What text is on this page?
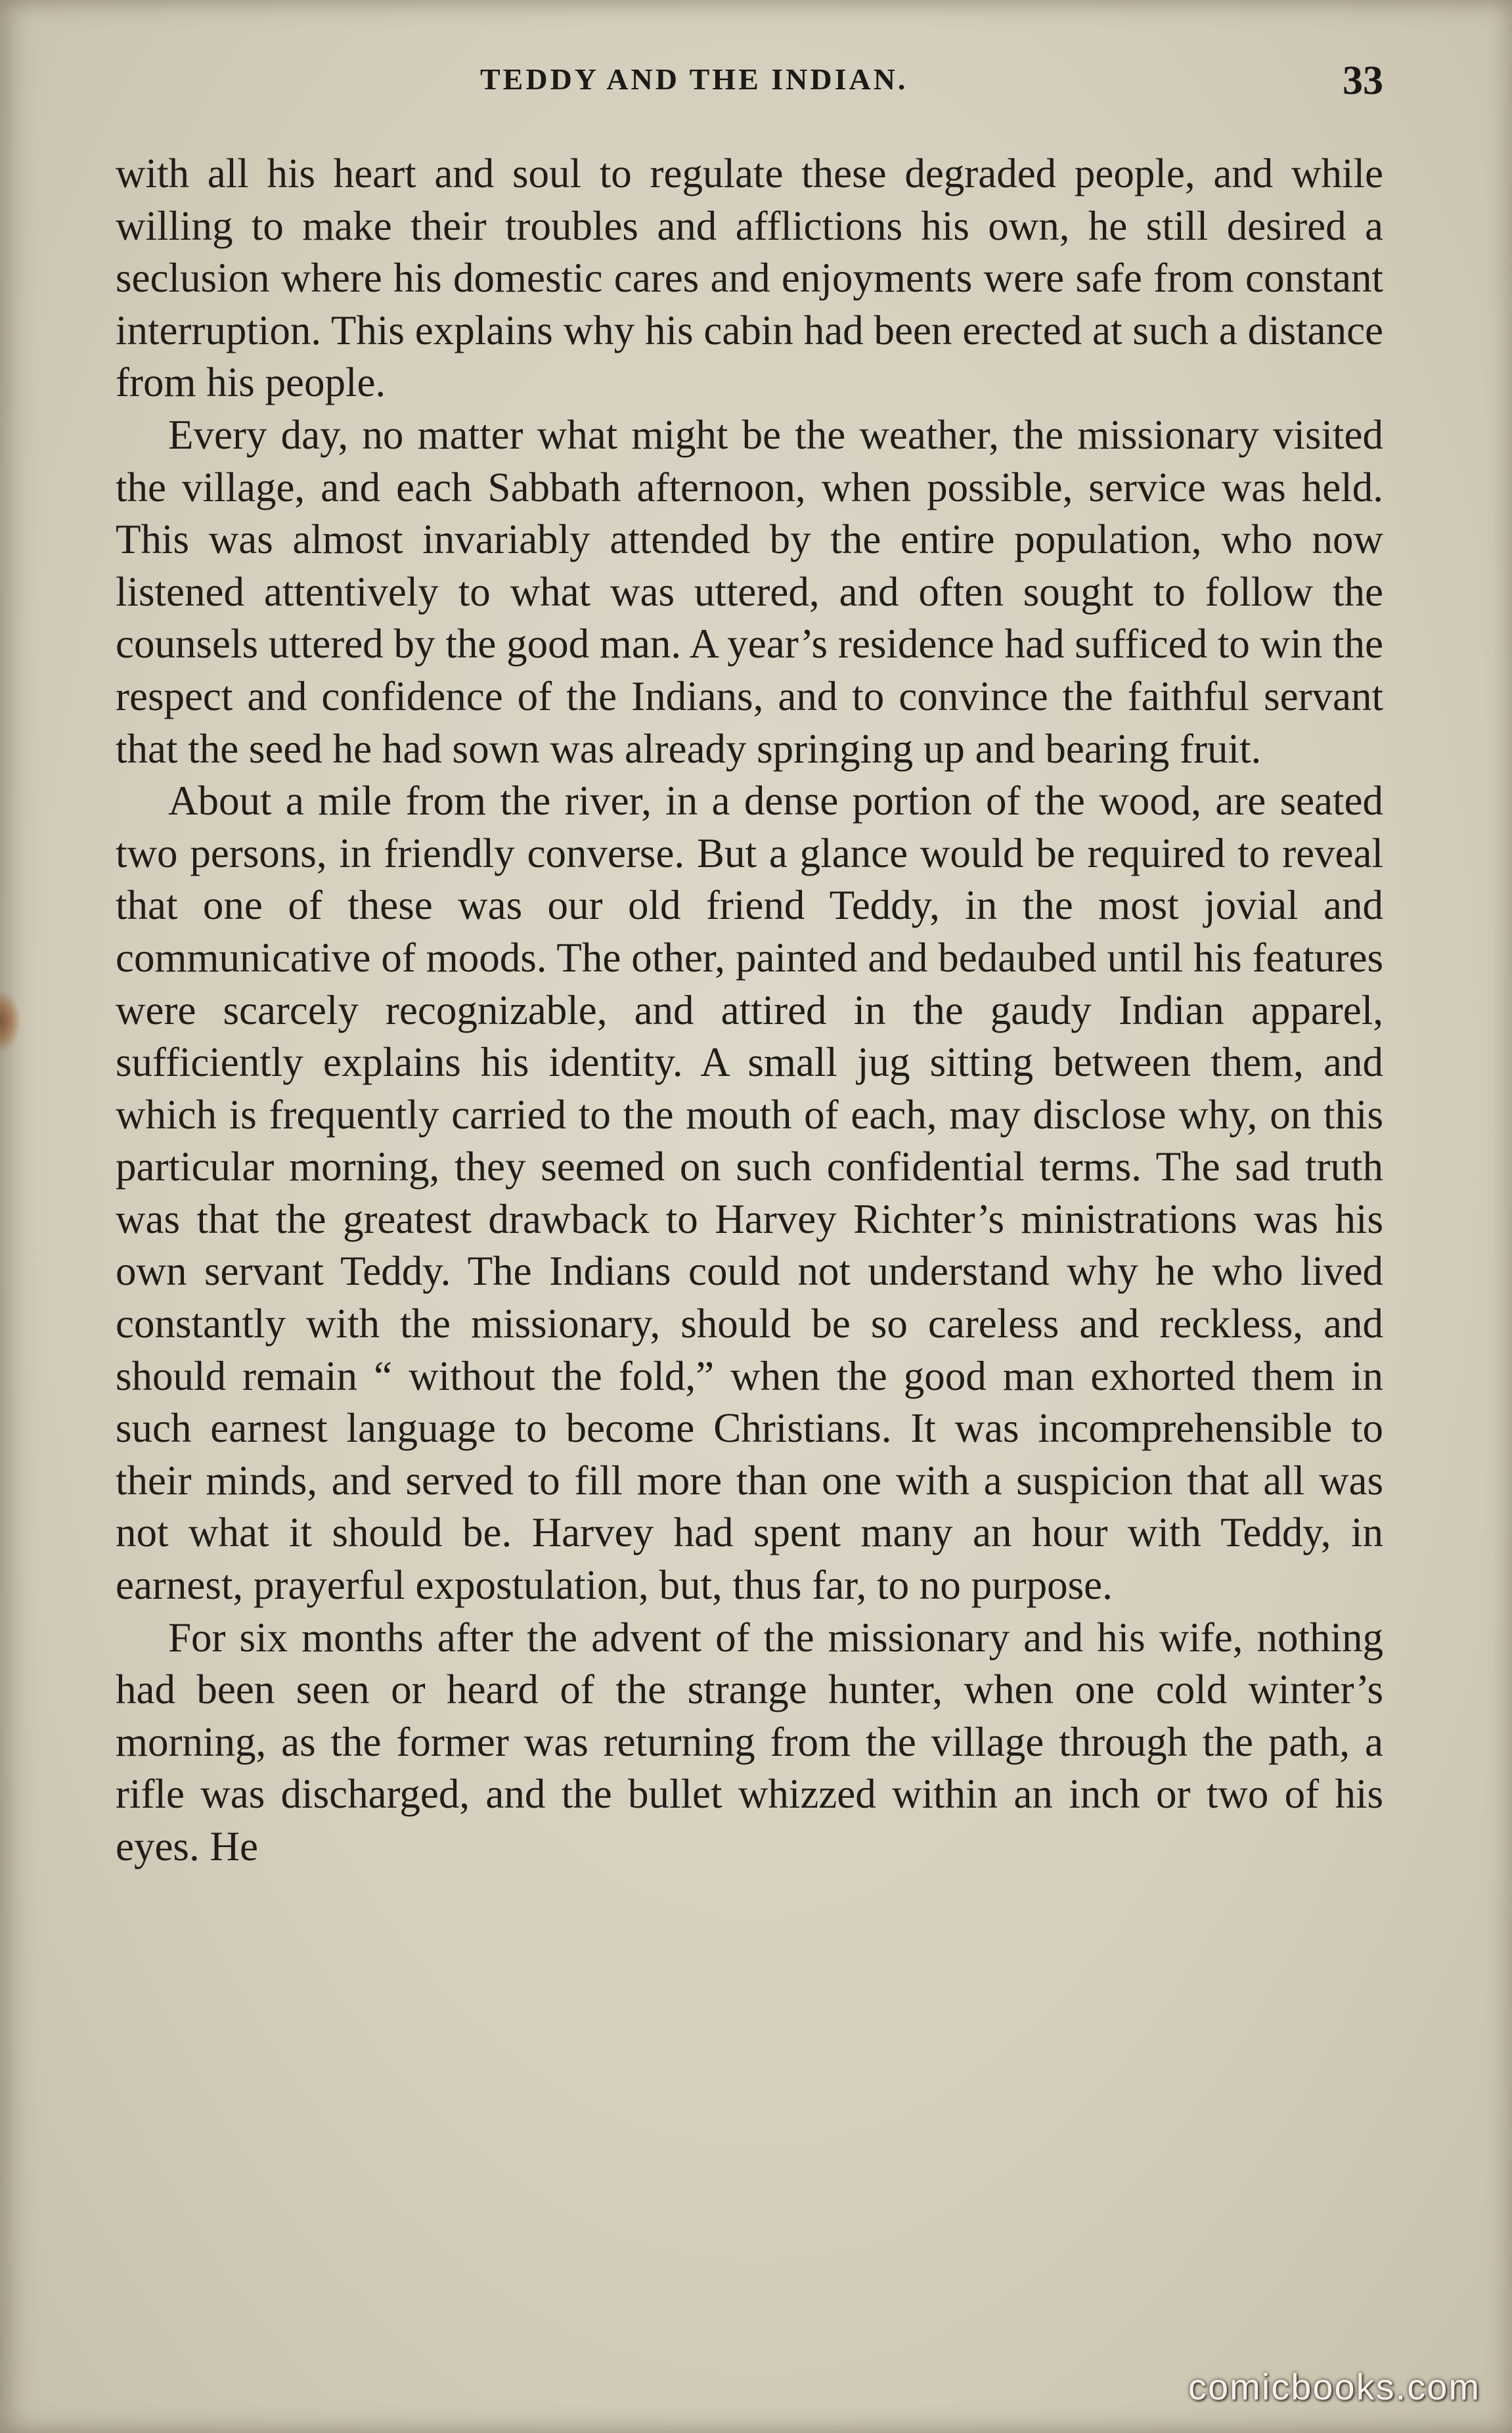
TEDDY AND THE INDIAN.	33

with all his heart and soul to regulate these degraded people, and while willing to make their troubles and afflictions his own, he still desired a seclusion where his domestic cares and enjoyments were safe from constant interruption. This explains why his cabin had been erected at such a distance from his people.

Every day, no matter what might be the weather, the missionary visited the village, and each Sabbath afternoon, when possible, service was held. This was almost invariably attended by the entire population, who now listened attentively to what was uttered, and often sought to follow the counsels uttered by the good man. A year’s residence had sufficed to win the respect and confidence of the Indians, and to convince the faithful servant that the seed he had sown was already springing up and bearing fruit.

About a mile from the river, in a dense portion of the wood, are seated two persons, in friendly converse. But a glance would be required to reveal that one of these was our old friend Teddy, in the most jovial and communicative of moods. The other, painted and bedaubed until his features were scarcely recognizable, and attired in the gaudy Indian apparel, sufficiently explains his identity. A small jug sitting between them, and which is frequently carried to the mouth of each, may disclose why, on this particular morning, they seemed on such confidential terms. The sad truth was that the greatest drawback to Harvey Richter’s ministrations was his own servant Teddy. The Indians could not understand why he who lived constantly with the missionary, should be so careless and reckless, and should remain “ without the fold,” when the good man exhorted them in such earnest language to become Christians. It was incomprehensible to their minds, and served to fill more than one with a suspicion that all was not what it should be. Harvey had spent many an hour with Teddy, in earnest, prayerful expostulation, but, thus far, to no purpose.

For six months after the advent of the missionary and his wife, nothing had been seen or heard of the strange hunter, when one cold winter’s morning, as the former was returning from the village through the path, a rifle was discharged, and the bullet whizzed within an inch or two of his eyes. He

comicbooks.com
